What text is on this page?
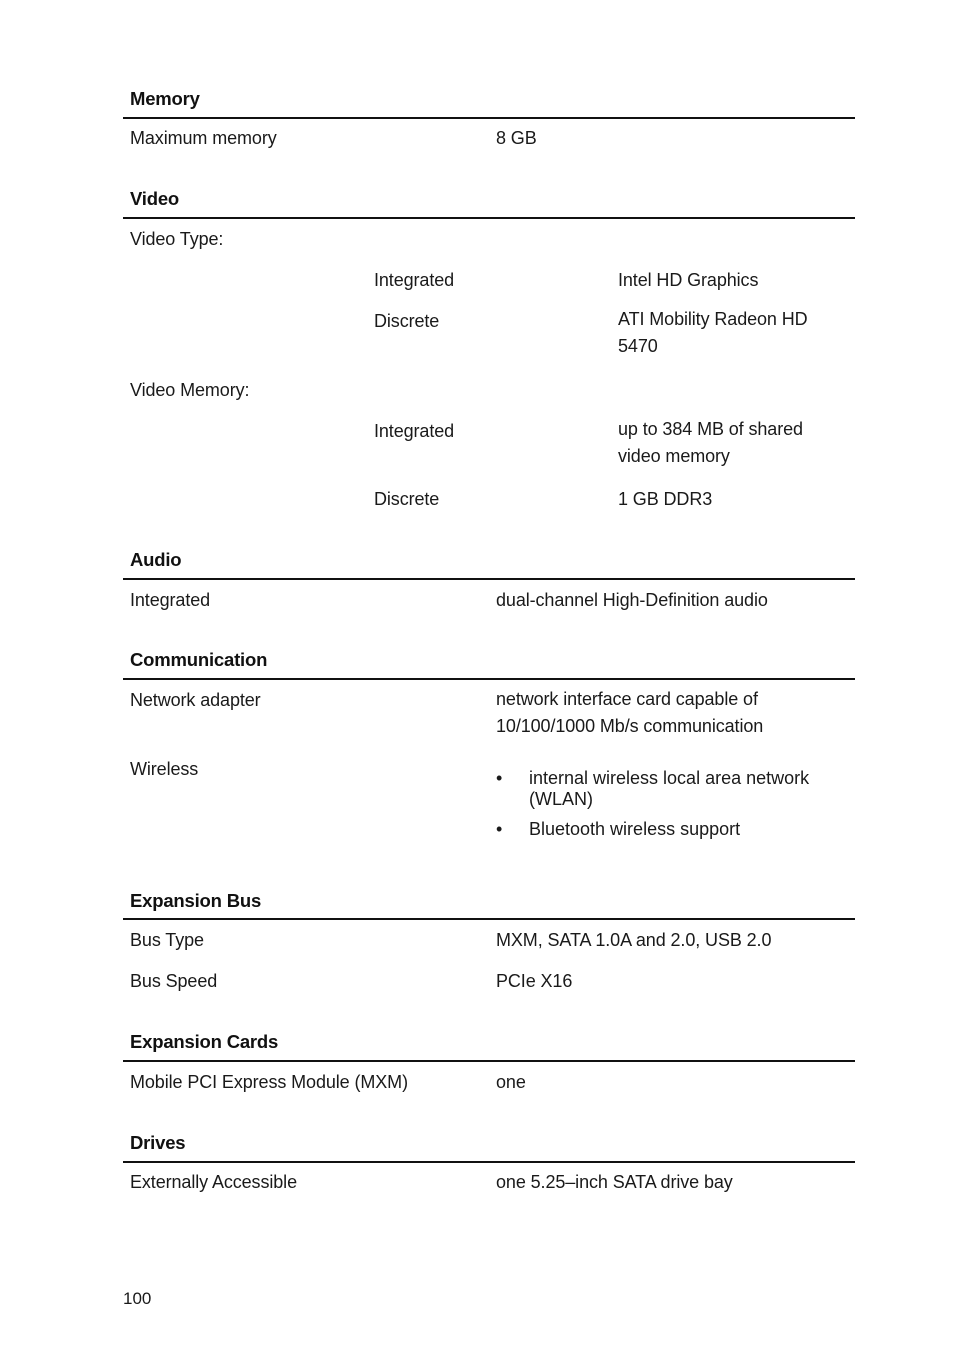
Memory
Maximum memory	8 GB
Video
Video Type:
Integrated	Intel HD Graphics
Discrete	ATI Mobility Radeon HD 5470
Video Memory:
Integrated	up to 384 MB of shared video memory
Discrete	1 GB DDR3
Audio
Integrated	dual-channel High-Definition audio
Communication
Network adapter	network interface card capable of 10/100/1000 Mb/s communication
Wireless	• internal wireless local area network (WLAN)
• Bluetooth wireless support
Expansion Bus
Bus Type	MXM, SATA 1.0A and 2.0, USB 2.0
Bus Speed	PCIe X16
Expansion Cards
Mobile PCI Express Module (MXM)	one
Drives
Externally Accessible	one 5.25–inch SATA drive bay
100
